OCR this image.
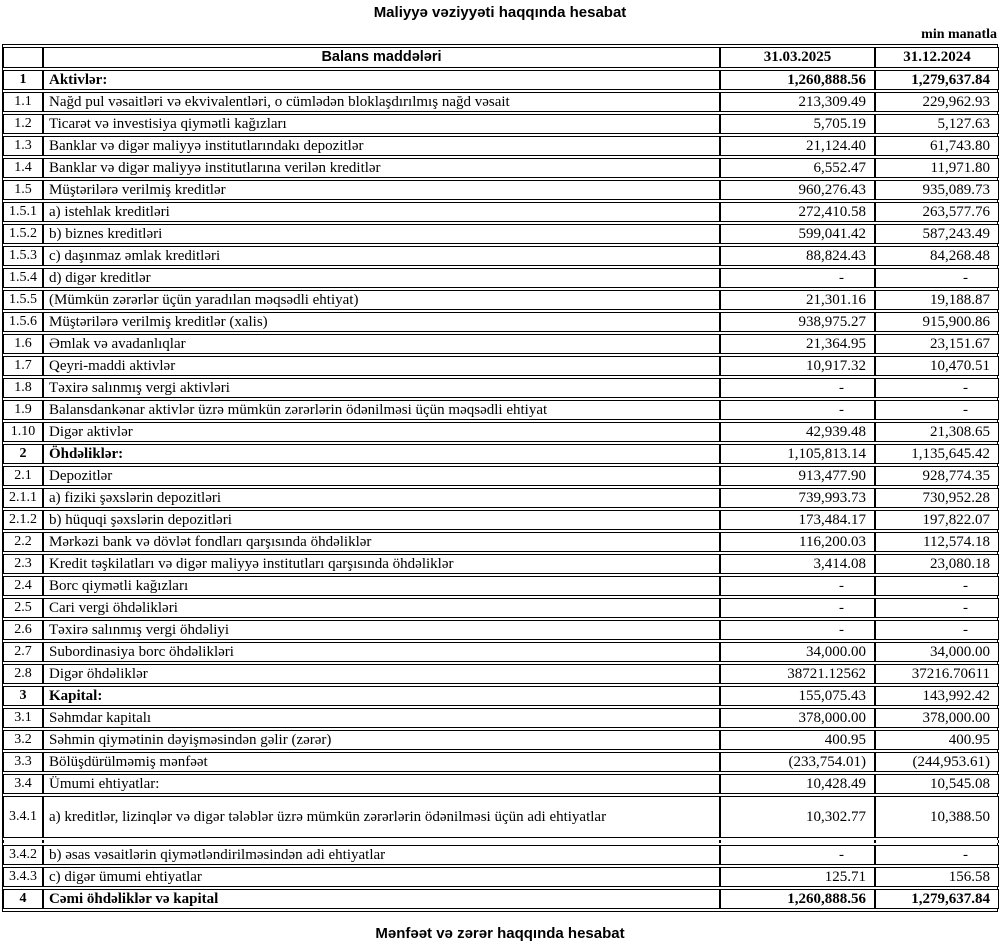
Maliyyə vəziyyəti haqqında hesabat
min manatla
	Balans maddələri	31.03.2025	31.12.2024
1	Aktivlər:	1,260,888.56	1,279,637.84
1.1	Nağd pul vəsaitləri və ekvivalentləri, o cümlədən bloklaşdırılmış nağd vəsait	213,309.49	229,962.93
1.2	Ticarət və investisiya qiymətli kağızları	5,705.19	5,127.63
1.3	Banklar və digər maliyyə institutlarındakı depozitlər	21,124.40	61,743.80
1.4	Banklar və digər maliyyə institutlarına verilən kreditlər	6,552.47	11,971.80
1.5	Müştərilərə verilmiş kreditlər	960,276.43	935,089.73
1.5.1	a) istehlak kreditləri	272,410.58	263,577.76
1.5.2	b) biznes kreditləri	599,041.42	587,243.49
1.5.3	c) daşınmaz əmlak kreditləri	88,824.43	84,268.48
1.5.4	d) digər kreditlər	-	-
1.5.5	(Mümkün zərərlər üçün yaradılan məqsədli ehtiyat)	21,301.16	19,188.87
1.5.6	Müştərilərə verilmiş kreditlər (xalis)	938,975.27	915,900.86
1.6	Əmlak və avadanlıqlar	21,364.95	23,151.67
1.7	Qeyri-maddi aktivlər	10,917.32	10,470.51
1.8	Təxirə salınmış vergi aktivləri	-	-
1.9	Balansdankənar aktivlər üzrə mümkün zərərlərin ödənilməsi üçün məqsədli ehtiyat	-	-
1.10	Digər aktivlər	42,939.48	21,308.65
2	Öhdəliklər:	1,105,813.14	1,135,645.42
2.1	Depozitlər	913,477.90	928,774.35
2.1.1	a) fiziki şəxslərin depozitləri	739,993.73	730,952.28
2.1.2	b) hüquqi şəxslərin depozitləri	173,484.17	197,822.07
2.2	Mərkəzi bank və dövlət fondları qarşısında öhdəliklər	116,200.03	112,574.18
2.3	Kredit təşkilatları və digər maliyyə institutları qarşısında öhdəliklər	3,414.08	23,080.18
2.4	Borc qiymətli kağızları	-	-
2.5	Cari vergi öhdəlikləri	-	-
2.6	Təxirə salınmış vergi öhdəliyi	-	-
2.7	Subordinasiya borc öhdəlikləri	34,000.00	34,000.00
2.8	Digər öhdəliklər	38721.12562	37216.70611
3	Kapital:	155,075.43	143,992.42
3.1	Səhmdar kapitalı	378,000.00	378,000.00
3.2	Səhmin qiymətinin dəyişməsindən gəlir (zərər)	400.95	400.95
3.3	Bölüşdürülməmiş mənfəət	(233,754.01)	(244,953.61)
3.4	Ümumi ehtiyatlar:	10,428.49	10,545.08
3.4.1	a) kreditlər, lizinqlər və digər tələblər üzrə mümkün zərərlərin ödənilməsi üçün adi ehtiyatlar	10,302.77	10,388.50

3.4.2	b) əsas vəsaitlərin qiymətləndirilməsindən adi ehtiyatlar	-	-
3.4.3	c) digər ümumi ehtiyatlar	125.71	156.58
4	Cəmi öhdəliklər və kapital	1,260,888.56	1,279,637.84
Mənfəət və zərər haqqında hesabat
